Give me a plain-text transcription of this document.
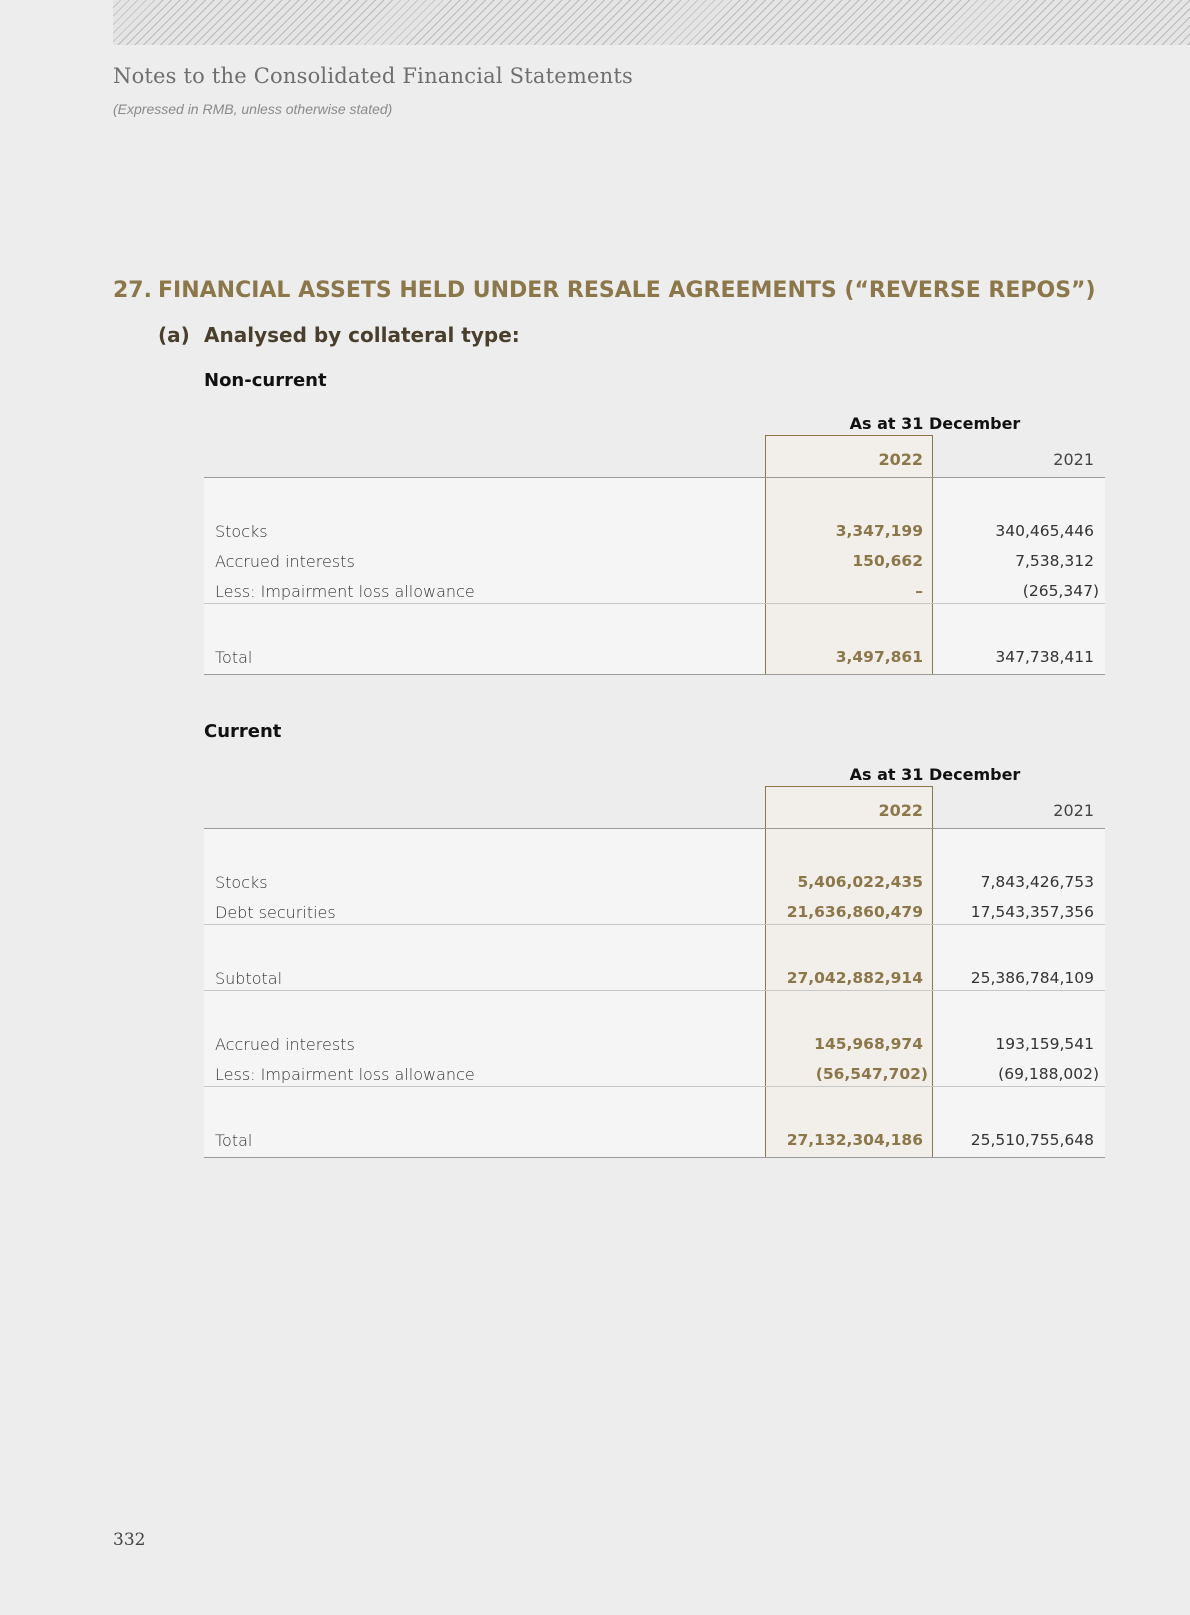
Notes to the Consolidated Financial Statements
(Expressed in RMB, unless otherwise stated)
27. FINANCIAL ASSETS HELD UNDER RESALE AGREEMENTS (“REVERSE REPOS”)
(a) Analysed by collateral type:
Non-current
As at 31 December
2022	2021
Stocks	3,347,199	340,465,446
Accrued interests	150,662	7,538,312
Less: Impairment loss allowance	–	(265,347)
Total	3,497,861	347,738,411
Current
As at 31 December
2022	2021
Stocks	5,406,022,435	7,843,426,753
Debt securities	21,636,860,479	17,543,357,356
Subtotal	27,042,882,914	25,386,784,109
Accrued interests	145,968,974	193,159,541
Less: Impairment loss allowance	(56,547,702)	(69,188,002)
Total	27,132,304,186	25,510,755,648
332
